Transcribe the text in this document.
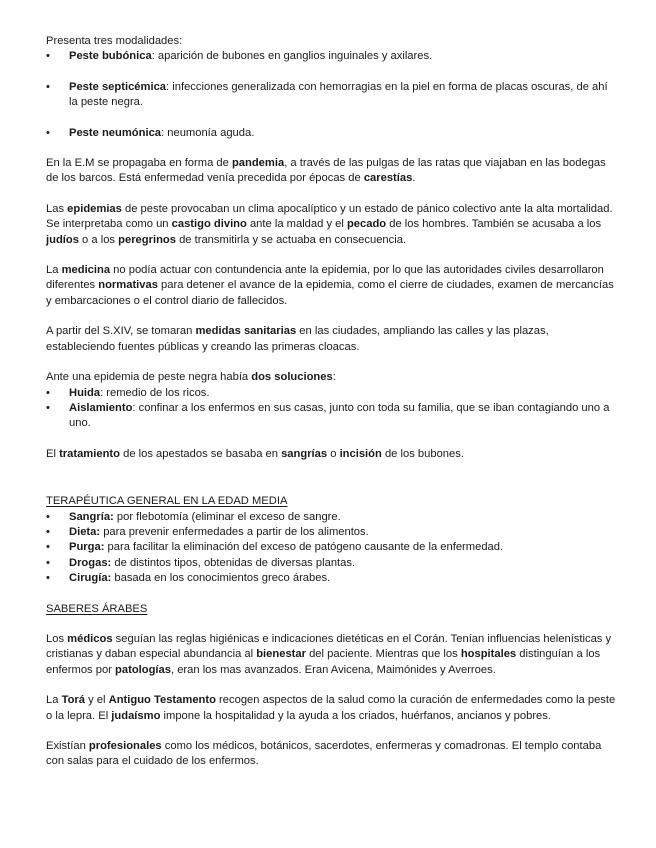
Presenta tres modalidades:

• Peste bubónica: aparición de bubones en ganglios inguinales y axilares.
• Peste septicémica: infecciones generalizada con hemorragias en la piel en forma de placas oscuras, de ahí la peste negra.
• Peste neumónica: neumonía aguda.

En la E.M se propagaba en forma de pandemia, a través de las pulgas de las ratas que viajaban en las bodegas de los barcos. Está enfermedad venía precedida por épocas de carestías.

Las epidemias de peste provocaban un clima apocalíptico y un estado de pánico colectivo ante la alta mortalidad. Se interpretaba como un castigo divino ante la maldad y el pecado de los hombres. También se acusaba a los judíos o a los peregrinos de transmitirla y se actuaba en consecuencia.

La medicina no podía actuar con contundencia ante la epidemia, por lo que las autoridades civiles desarrollaron diferentes normativas para detener el avance de la epidemia, como el cierre de ciudades, examen de mercancías y embarcaciones o el control diario de fallecidos.

A partir del S.XIV, se tomaran medidas sanitarias en las ciudades, ampliando las calles y las plazas, estableciendo fuentes públicas y creando las primeras cloacas.

Ante una epidemia de peste negra había dos soluciones:

• Huida: remedio de los ricos.
• Aislamiento: confinar a los enfermos en sus casas, junto con toda su familia, que se iban contagiando uno a uno.

El tratamiento de los apestados se basaba en sangrías o incisión de los bubones.

TERAPÉUTICA GENERAL EN LA EDAD MEDIA

• Sangría: por flebotomía (eliminar el exceso de sangre.
• Dieta: para prevenir enfermedades a partir de los alimentos.
• Purga: para facilitar la eliminación del exceso de patógeno causante de la enfermedad.
• Drogas: de distintos tipos, obtenidas de diversas plantas.
• Cirugía: basada en los conocimientos greco árabes.

SABERES ÁRABES

Los médicos seguían las reglas higiénicas e indicaciones dietéticas en el Corán. Tenían influencias helenísticas y cristianas y daban especial abundancia al bienestar del paciente. Mientras que los hospitales distinguían a los enfermos por patologías, eran los mas avanzados. Eran Avicena, Maimónides y Averroes.

La Torá y el Antiguo Testamento recogen aspectos de la salud como la curación de enfermedades como la peste o la lepra. El judaísmo impone la hospitalidad y la ayuda a los criados, huérfanos, ancianos y pobres.

Existían profesionales como los médicos, botánicos, sacerdotes, enfermeras y comadronas. El templo contaba con salas para el cuidado de los enfermos.
